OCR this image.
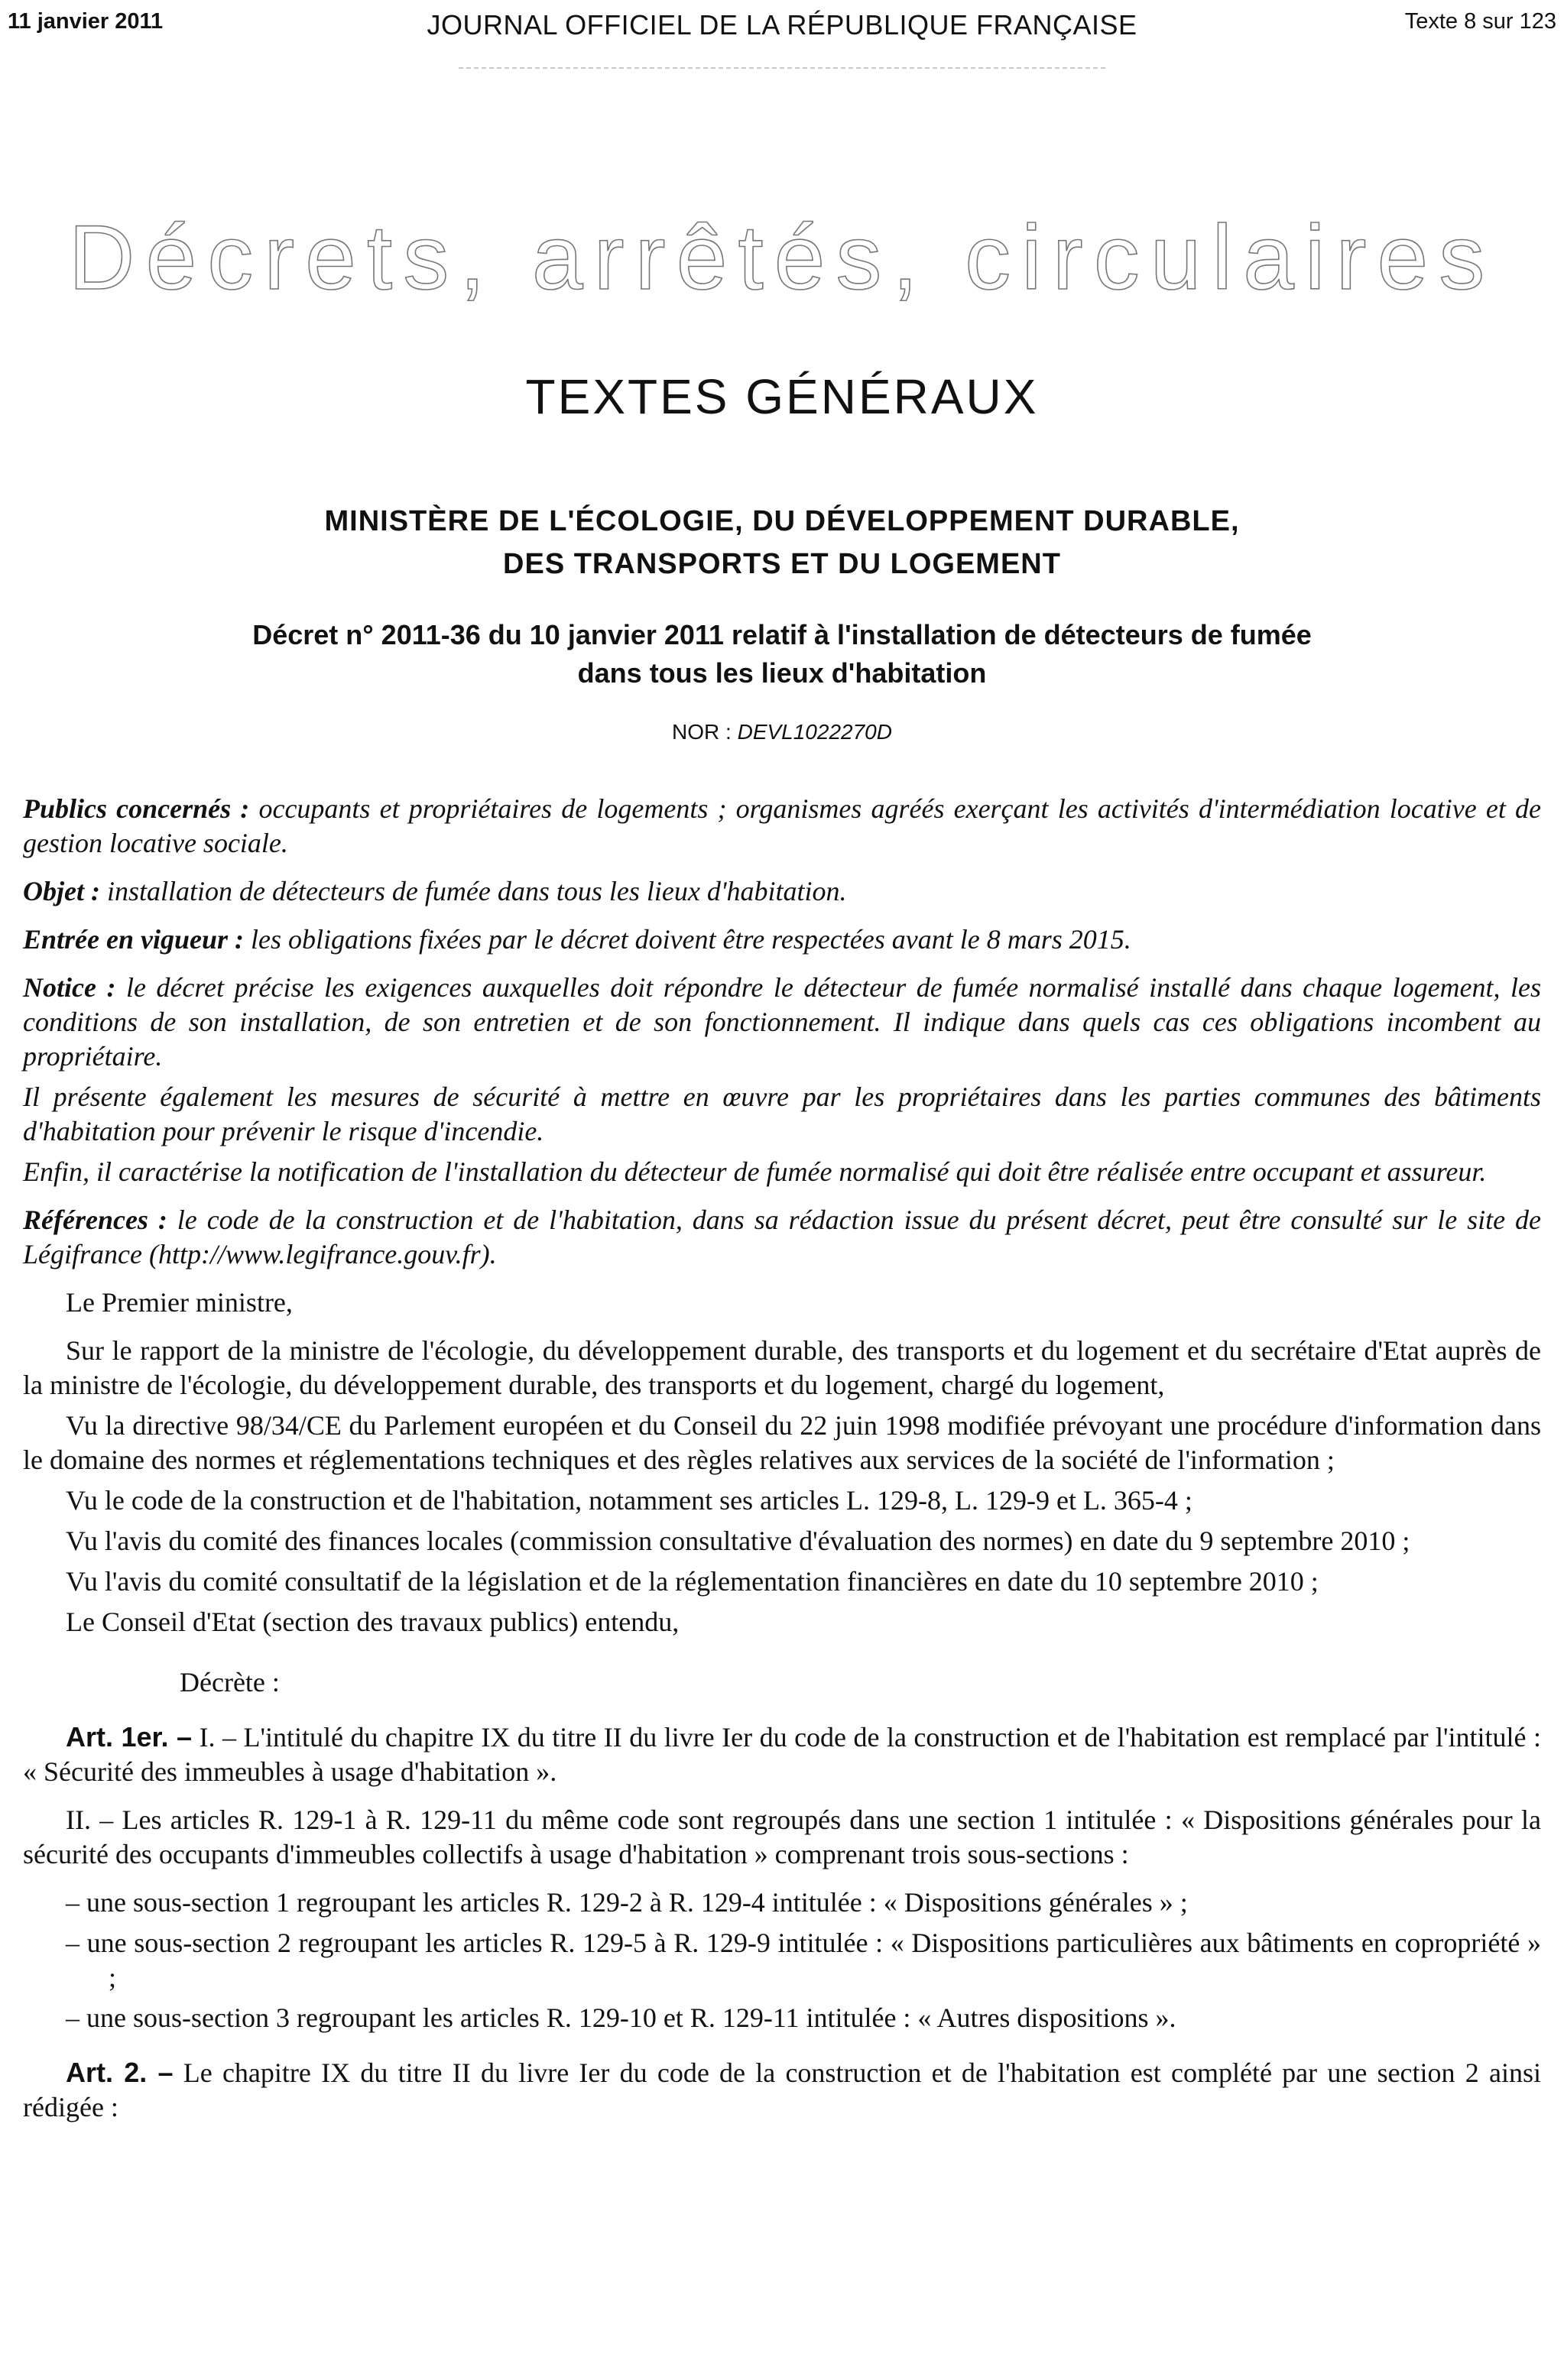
11 janvier 2011	JOURNAL OFFICIEL DE LA RÉPUBLIQUE FRANÇAISE	Texte 8 sur 123
Décrets, arrêtés, circulaires
TEXTES GÉNÉRAUX
MINISTÈRE DE L'ÉCOLOGIE, DU DÉVELOPPEMENT DURABLE,
DES TRANSPORTS ET DU LOGEMENT
Décret n° 2011-36 du 10 janvier 2011 relatif à l'installation de détecteurs de fumée
dans tous les lieux d'habitation
NOR : DEVL1022270D

Publics concernés : occupants et propriétaires de logements ; organismes agréés exerçant les activités d'intermédiation locative et de gestion locative sociale.

Objet : installation de détecteurs de fumée dans tous les lieux d'habitation.

Entrée en vigueur : les obligations fixées par le décret doivent être respectées avant le 8 mars 2015.

Notice : le décret précise les exigences auxquelles doit répondre le détecteur de fumée normalisé installé dans chaque logement, les conditions de son installation, de son entretien et de son fonctionnement. Il indique dans quels cas ces obligations incombent au propriétaire.

Il présente également les mesures de sécurité à mettre en œuvre par les propriétaires dans les parties communes des bâtiments d'habitation pour prévenir le risque d'incendie.

Enfin, il caractérise la notification de l'installation du détecteur de fumée normalisé qui doit être réalisée entre occupant et assureur.

Références : le code de la construction et de l'habitation, dans sa rédaction issue du présent décret, peut être consulté sur le site de Légifrance (http://www.legifrance.gouv.fr).

Le Premier ministre,

Sur le rapport de la ministre de l'écologie, du développement durable, des transports et du logement et du secrétaire d'Etat auprès de la ministre de l'écologie, du développement durable, des transports et du logement, chargé du logement,

Vu la directive 98/34/CE du Parlement européen et du Conseil du 22 juin 1998 modifiée prévoyant une procédure d'information dans le domaine des normes et réglementations techniques et des règles relatives aux services de la société de l'information ;

Vu le code de la construction et de l'habitation, notamment ses articles L. 129-8, L. 129-9 et L. 365-4 ;

Vu l'avis du comité des finances locales (commission consultative d'évaluation des normes) en date du 9 septembre 2010 ;

Vu l'avis du comité consultatif de la législation et de la réglementation financières en date du 10 septembre 2010 ;

Le Conseil d'Etat (section des travaux publics) entendu,

Décrète :

Art. 1er. – I. – L'intitulé du chapitre IX du titre II du livre Ier du code de la construction et de l'habitation est remplacé par l'intitulé : « Sécurité des immeubles à usage d'habitation ».

II. – Les articles R. 129-1 à R. 129-11 du même code sont regroupés dans une section 1 intitulée : « Dispositions générales pour la sécurité des occupants d'immeubles collectifs à usage d'habitation » comprenant trois sous-sections :

– une sous-section 1 regroupant les articles R. 129-2 à R. 129-4 intitulée : « Dispositions générales » ;

– une sous-section 2 regroupant les articles R. 129-5 à R. 129-9 intitulée : « Dispositions particulières aux bâtiments en copropriété » ;

– une sous-section 3 regroupant les articles R. 129-10 et R. 129-11 intitulée : « Autres dispositions ».

Art. 2. – Le chapitre IX du titre II du livre Ier du code de la construction et de l'habitation est complété par une section 2 ainsi rédigée :
